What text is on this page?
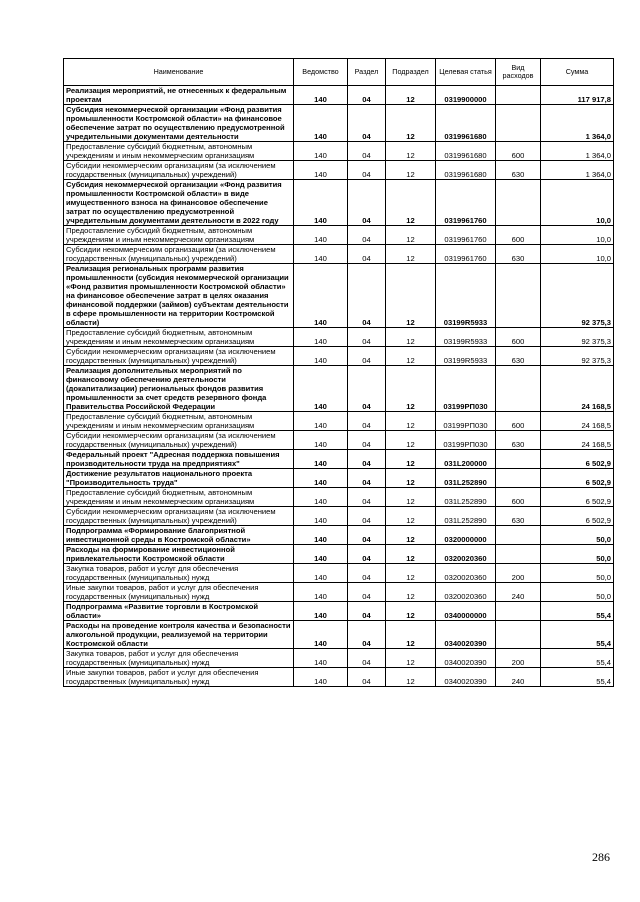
Наименование	Ведомство	Раздел	Подраздел	Целевая статья	Вид расходов	Сумма
Реализация мероприятий, не отнесенных к федеральным проектам	140	04	12	0319900000		117 917,8
Субсидия некоммерческой организации «Фонд развития промышленности Костромской области» на финансовое обеспечение затрат по осуществлению предусмотренной учредительными документами деятельности	140	04	12	0319961680		1 364,0
Предоставление субсидий бюджетным, автономным учреждениям и иным некоммерческим организациям	140	04	12	0319961680	600	1 364,0
Субсидии некоммерческим организациям (за исключением государственных (муниципальных) учреждений)	140	04	12	0319961680	630	1 364,0
Субсидия некоммерческой организации «Фонд развития промышленности Костромской области» в виде имущественного взноса на финансовое обеспечение затрат по осуществлению предусмотренной учредительным документами деятельности в 2022 году	140	04	12	0319961760		10,0
Предоставление субсидий бюджетным, автономным учреждениям и иным некоммерческим организациям	140	04	12	0319961760	600	10,0
Субсидии некоммерческим организациям (за исключением государственных (муниципальных) учреждений)	140	04	12	0319961760	630	10,0
Реализация региональных программ развития промышленности (субсидия некоммерческой организации «Фонд развития промышленности Костромской области» на финансовое обеспечение затрат в целях оказания финансовой поддержки (займов) субъектам деятельности в сфере промышленности на территории Костромской области)	140	04	12	03199R5933		92 375,3
Предоставление субсидий бюджетным, автономным учреждениям и иным некоммерческим организациям	140	04	12	03199R5933	600	92 375,3
Субсидии некоммерческим организациям (за исключением государственных (муниципальных) учреждений)	140	04	12	03199R5933	630	92 375,3
Реализация дополнительных мероприятий по финансовому обеспечению деятельности (докапитализации) региональных фондов развития промышленности за счет средств резервного фонда Правительства Российской Федерации	140	04	12	03199РП030		24 168,5
Предоставление субсидий бюджетным, автономным учреждениям и иным некоммерческим организациям	140	04	12	03199РП030	600	24 168,5
Субсидии некоммерческим организациям (за исключением государственных (муниципальных) учреждений)	140	04	12	03199РП030	630	24 168,5
Федеральный проект "Адресная поддержка повышения производительности труда на предприятиях"	140	04	12	031L200000		6 502,9
Достижение результатов национального проекта "Производительность труда"	140	04	12	031L252890		6 502,9
Предоставление субсидий бюджетным, автономным учреждениям и иным некоммерческим организациям	140	04	12	031L252890	600	6 502,9
Субсидии некоммерческим организациям (за исключением государственных (муниципальных) учреждений)	140	04	12	031L252890	630	6 502,9
Подпрограмма «Формирование благоприятной инвестиционной среды в Костромской области»	140	04	12	0320000000		50,0
Расходы на формирование инвестиционной привлекательности Костромской области	140	04	12	0320020360		50,0
Закупка товаров, работ и услуг для обеспечения государственных (муниципальных) нужд	140	04	12	0320020360	200	50,0
Иные закупки товаров, работ и услуг для обеспечения государственных (муниципальных) нужд	140	04	12	0320020360	240	50,0
Подпрограмма «Развитие торговли в Костромской области»	140	04	12	0340000000		55,4
Расходы на проведение контроля качества и безопасности алкогольной продукции, реализуемой на территории Костромской области	140	04	12	0340020390		55,4
Закупка товаров, работ и услуг для обеспечения государственных (муниципальных) нужд	140	04	12	0340020390	200	55,4
Иные закупки товаров, работ и услуг для обеспечения государственных (муниципальных) нужд	140	04	12	0340020390	240	55,4
286
